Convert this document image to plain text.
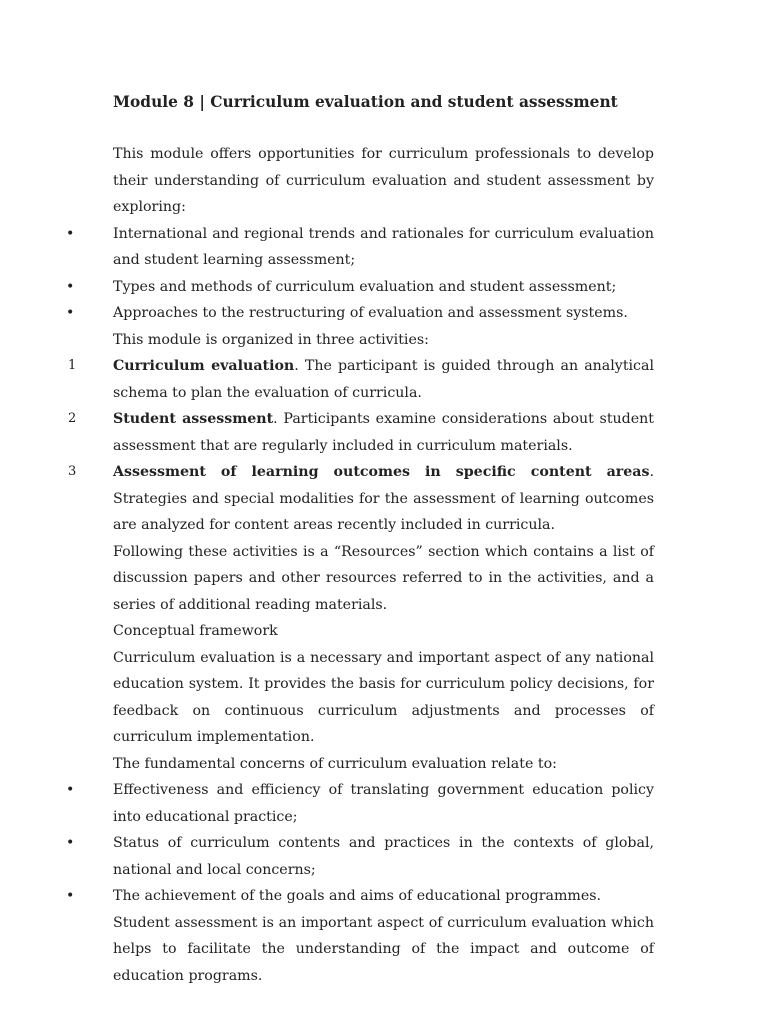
Module 8 | Curriculum evaluation and student assessment
This module offers opportunities for curriculum professionals to develop their understanding of curriculum evaluation and student assessment by exploring:
•	International and regional trends and rationales for curriculum evaluation and student learning assessment;
•	Types and methods of curriculum evaluation and student assessment;
•	Approaches to the restructuring of evaluation and assessment systems.
This module is organized in three activities:
1	Curriculum evaluation. The participant is guided through an analytical schema to plan the evaluation of curricula.
2	Student assessment. Participants examine considerations about student assessment that are regularly included in curriculum materials.
3	Assessment of learning outcomes in specific content areas. Strategies and special modalities for the assessment of learning outcomes are analyzed for content areas recently included in curricula.
Following these activities is a “Resources” section which contains a list of discussion papers and other resources referred to in the activities, and a series of additional reading materials.
Conceptual framework
Curriculum evaluation is a necessary and important aspect of any national education system. It provides the basis for curriculum policy decisions, for feedback on continuous curriculum adjustments and processes of curriculum implementation.
The fundamental concerns of curriculum evaluation relate to:
•	Effectiveness and efficiency of translating government education policy into educational practice;
•	Status of curriculum contents and practices in the contexts of global, national and local concerns;
•	The achievement of the goals and aims of educational programmes.
Student assessment is an important aspect of curriculum evaluation which helps to facilitate the understanding of the impact and outcome of education programs.
